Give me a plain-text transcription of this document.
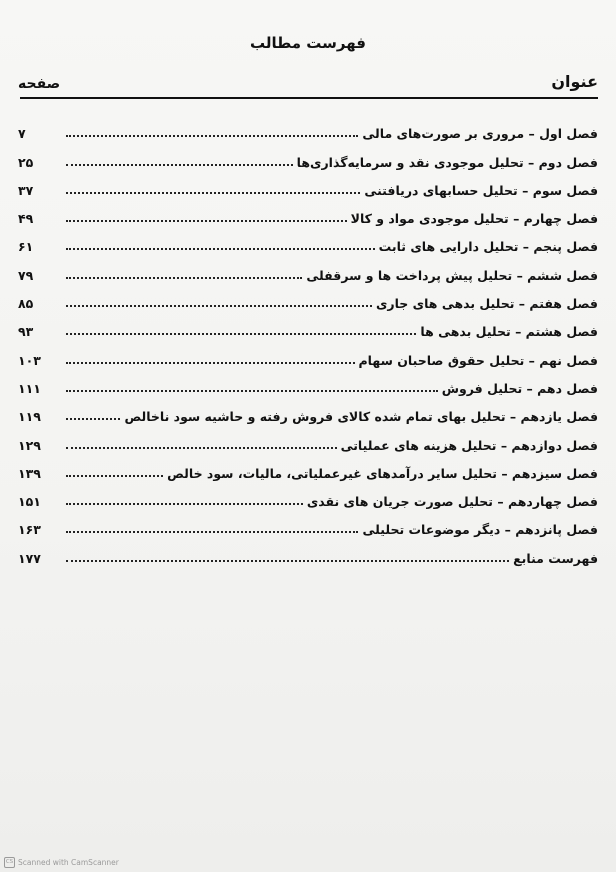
فهرست مطالب
عنوان
صفحه
فصل اول – مروری بر صورت‌های مالی
۷
فصل دوم – تحلیل موجودی نقد و سرمایه‌گذاری‌ها
۲۵
فصل سوم – تحلیل حسابهای دریافتنی
۳۷
فصل چهارم – تحلیل موجودی مواد و کالا
۴۹
فصل پنجم – تحلیل دارایی های ثابت
۶۱
فصل ششم – تحلیل پیش پرداخت ها و سرقفلی
۷۹
فصل هفتم – تحلیل بدهی های جاری
۸۵
فصل هشتم – تحلیل بدهی ها
۹۳
فصل نهم – تحلیل حقوق صاحبان سهام
۱۰۳
فصل دهم – تحلیل فروش
۱۱۱
فصل یازدهم – تحلیل بهای تمام شده کالای فروش رفته و حاشیه سود ناخالص
۱۱۹
فصل دوازدهم – تحلیل هزینه های عملیاتی
۱۲۹
فصل سیزدهم – تحلیل سایر درآمدهای غیرعملیاتی، مالیات، سود خالص
۱۳۹
فصل چهاردهم – تحلیل صورت جریان های نقدی
۱۵۱
فصل پانزدهم – دیگر موضوعات تحلیلی
۱۶۳
فهرست منابع
۱۷۷
CS Scanned with CamScanner
